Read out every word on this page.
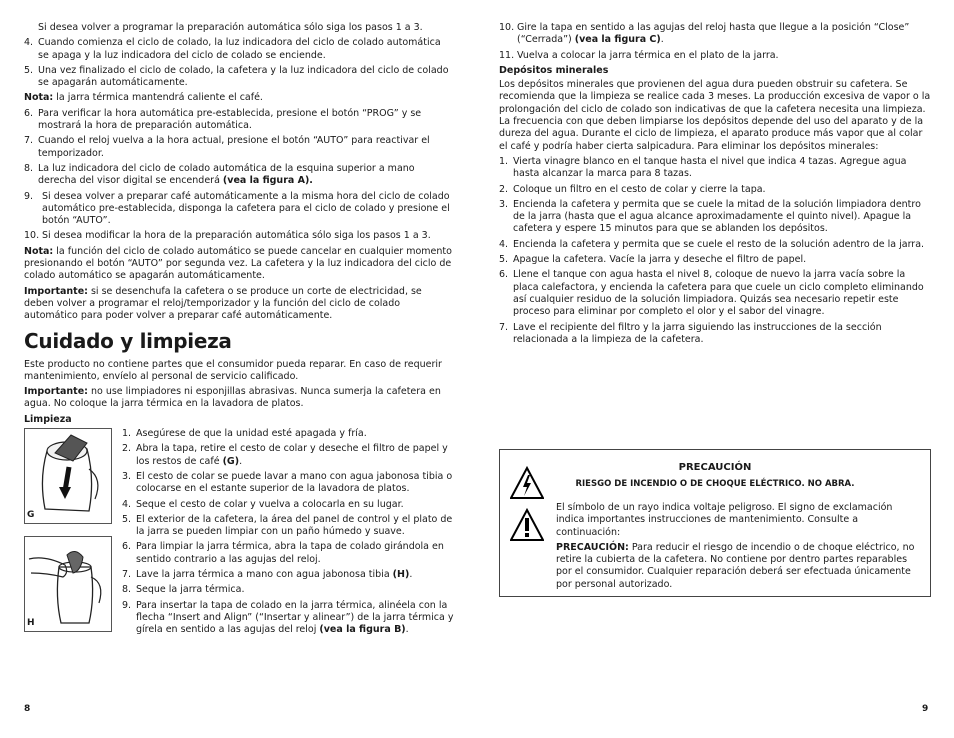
Si desea volver a programar la preparación automática sólo siga los pasos 1 a 3.
4. Cuando comienza el ciclo de colado, la luz indicadora del ciclo de colado automática se apaga y la luz indicadora del ciclo de colado se enciende.
5. Una vez finalizado el ciclo de colado, la cafetera y la luz indicadora del ciclo de colado se apagarán automáticamente.

Nota: la jarra térmica mantendrá caliente el café.

6. Para verificar la hora automática pre-establecida, presione el botón “PROG” y se mostrará la hora de preparación automática.
7. Cuando el reloj vuelva a la hora actual, presione el botón “AUTO” para reactivar el temporizador.
8. La luz indicadora del ciclo de colado automática de la esquina superior a mano derecha del visor digital se encenderá (vea la figura A).
9. Si desea volver a preparar café automáticamente a la misma hora del ciclo de colado automático pre-establecida, disponga la cafetera para el ciclo de colado y presione el botón “AUTO”.
10. Si desea modificar la hora de la preparación automática sólo siga los pasos 1 a 3.

Nota: la función del ciclo de colado automático se puede cancelar en cualquier momento presionando el botón “AUTO” por segunda vez. La cafetera y la luz indicadora del ciclo de colado automático se apagarán automáticamente.

Importante: si se desenchufa la cafetera o se produce un corte de electricidad, se deben volver a programar el reloj/temporizador y la función del ciclo de colado automático para poder volver a preparar café automáticamente.

Cuidado y limpieza

Este producto no contiene partes que el consumidor pueda reparar. En caso de requerir mantenimiento, envíelo al personal de servicio calificado.

Importante: no use limpiadores ni esponjillas abrasivas. Nunca sumerja la cafetera en agua. No coloque la jarra térmica en la lavadora de platos.

Limpieza
G
H
1. Asegúrese de que la unidad esté apagada y fría.
2. Abra la tapa, retire el cesto de colar y deseche el filtro de papel y los restos de café (G).
3. El cesto de colar se puede lavar a mano con agua jabonosa tibia o colocarse en el estante superior de la lavadora de platos.
4. Seque el cesto de colar y vuelva a colocarla en su lugar.
5. El exterior de la cafetera, la área del panel de control y el plato de la jarra se pueden limpiar con un paño húmedo y suave.
6. Para limpiar la jarra térmica, abra la tapa de colado girándola en sentido contrario a las agujas del reloj.
7. Lave la jarra térmica a mano con agua jabonosa tibia (H).
8. Seque la jarra térmica.
9. Para insertar la tapa de colado en la jarra térmica, alinéela con la flecha “Insert and Align” (“Insertar y alinear”) de la jarra térmica y gírela en sentido a las agujas del reloj (vea la figura B).
8
10. Gire la tapa en sentido a las agujas del reloj hasta que llegue a la posición “Close” (“Cerrada”) (vea la figura C).
11. Vuelva a colocar la jarra térmica en el plato de la jarra.
Depósitos minerales

Los depósitos minerales que provienen del agua dura pueden obstruir su cafetera. Se recomienda que la limpieza se realice cada 3 meses. La producción excesiva de vapor o la prolongación del ciclo de colado son indicativas de que la cafetera necesita una limpieza. La frecuencia con que deben limpiarse los depósitos depende del uso del aparato y de la dureza del agua. Durante el ciclo de limpieza, el aparato produce más vapor que al colar el café y podría haber cierta salpicadura. Para eliminar los depósitos minerales:

1. Vierta vinagre blanco en el tanque hasta el nivel que indica 4 tazas. Agregue agua hasta alcanzar la marca para 8 tazas.
2. Coloque un filtro en el cesto de colar y cierre la tapa.
3. Encienda la cafetera y permita que se cuele la mitad de la solución limpiadora dentro de la jarra (hasta que el agua alcance aproximadamente el quinto nivel). Apague la cafetera y espere 15 minutos para que se ablanden los depósitos.
4. Encienda la cafetera y permita que se cuele el resto de la solución adentro de la jarra.
5. Apague la cafetera. Vacíe la jarra y deseche el filtro de papel.
6. Llene el tanque con agua hasta el nivel 8, coloque de nuevo la jarra vacía sobre la placa calefactora, y encienda la cafetera para que cuele un ciclo completo eliminando así cualquier residuo de la solución limpiadora. Quizás sea necesario repetir este proceso para eliminar por completo el olor y el sabor del vinagre.
7. Lave el recipiente del filtro y la jarra siguiendo las instrucciones de la sección relacionada a la limpieza de la cafetera.
PRECAUCIÓN
RIESGO DE INCENDIO O DE CHOQUE ELÉCTRICO. NO ABRA.

El símbolo de un rayo indica voltaje peligroso. El signo de exclamación indica importantes instrucciones de mantenimiento. Consulte a continuación:

PRECAUCIÓN: Para reducir el riesgo de incendio o de choque eléctrico, no retire la cubierta de la cafetera. No contiene por dentro partes reparables por el consumidor. Cualquier reparación deberá ser efectuada únicamente por personal autorizado.

9
